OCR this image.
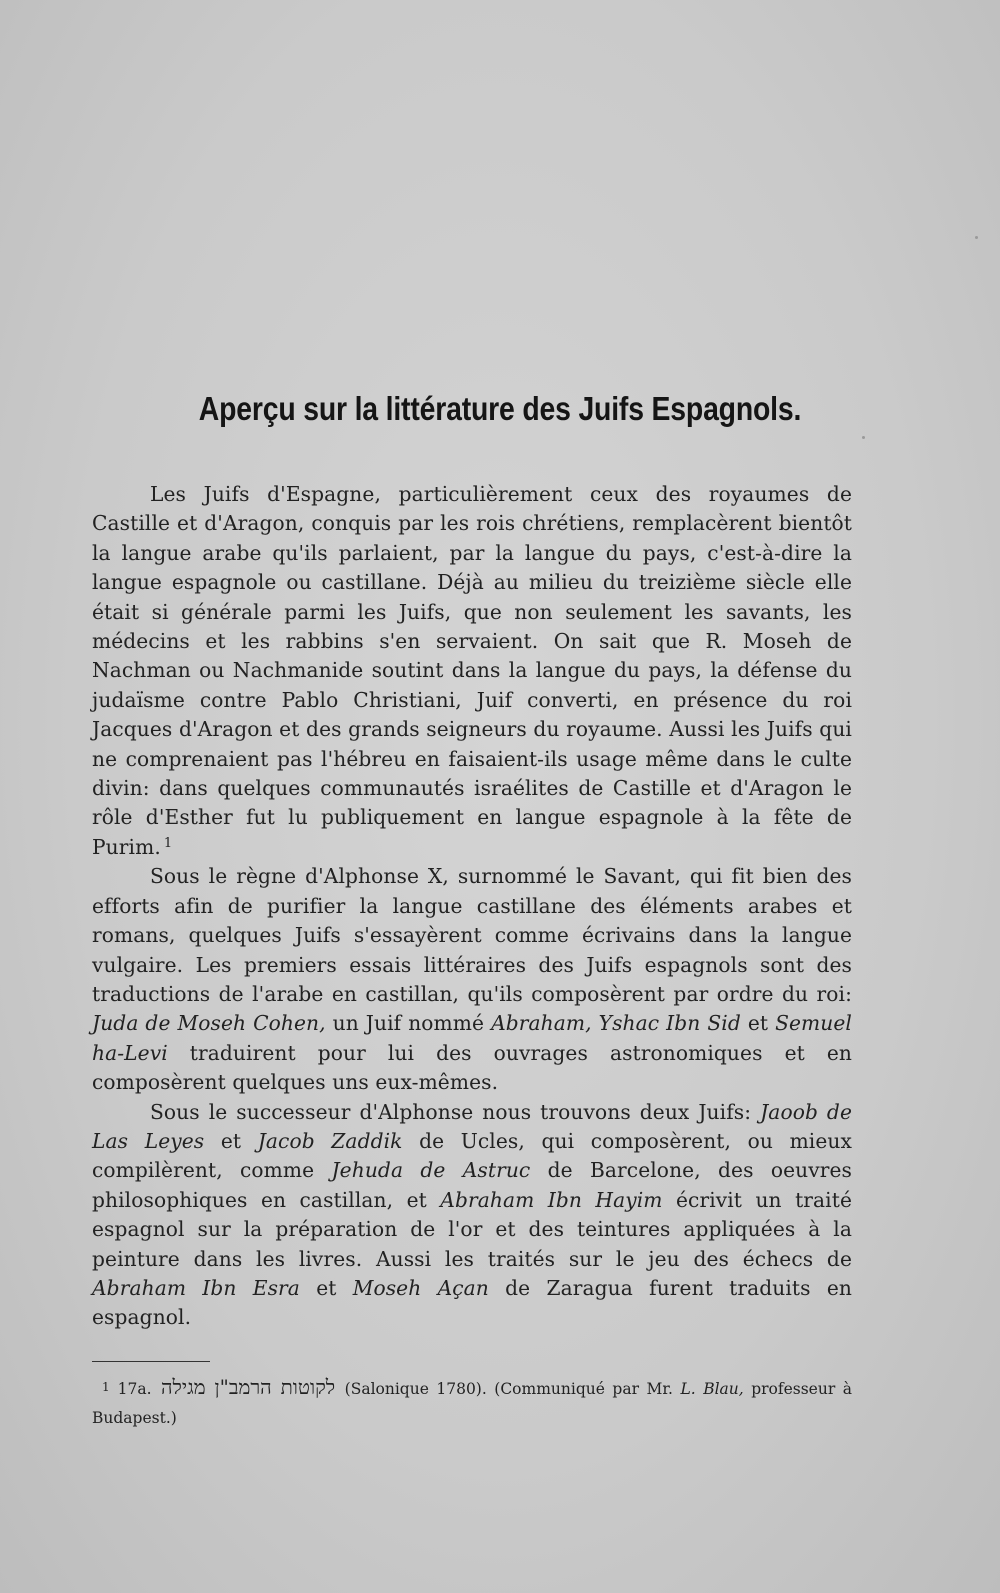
Aperçu sur la littérature des Juifs Espagnols.

Les Juifs d'Espagne, particulièrement ceux des royaumes de Castille et d'Aragon, conquis par les rois chrétiens, remplacèrent bientôt la langue arabe qu'ils parlaient, par la langue du pays, c'est-à-dire la langue espagnole ou castillane. Déjà au milieu du treizième siècle elle était si générale parmi les Juifs, que non seulement les savants, les médecins et les rabbins s'en servaient. On sait que R. Moseh de Nachman ou Nachmanide soutint dans la langue du pays, la défense du judaïsme contre Pablo Christiani, Juif converti, en présence du roi Jacques d'Aragon et des grands seigneurs du royaume. Aussi les Juifs qui ne comprenaient pas l'hébreu en faisaient-ils usage même dans le culte divin: dans quelques communautés israélites de Castille et d'Aragon le rôle d'Esther fut lu publiquement en langue espagnole à la fête de Purim. $^1$

Sous le règne d'Alphonse X, surnommé le Savant, qui fit bien des efforts afin de purifier la langue castillane des éléments arabes et romans, quelques Juifs s'essayèrent comme écrivains dans la langue vulgaire. Les premiers essais littéraires des Juifs espagnols sont des traductions de l'arabe en castillan, qu'ils composèrent par ordre du roi: Juda de Moseh Cohen, un Juif nommé Abraham, Yshac Ibn Sid et Semuel ha-Levi traduirent pour lui des ouvrages astronomiques et en composèrent quelques uns eux-mêmes.

Sous le successeur d'Alphonse nous trouvons deux Juifs: Jaoob de Las Leyes et Jacob Zaddik de Ucles, qui composèrent, ou mieux compilèrent, comme Jehuda de Astruc de Barcelone, des oeuvres philosophiques en castillan, et Abraham Ibn Hayim écrivit un traité espagnol sur la préparation de l'or et des teintures appliquées à la peinture dans les livres. Aussi les traités sur le jeu des échecs de Abraham Ibn Esra et Moseh Açan de Zaragua furent traduits en espagnol.

1 17a. לקוטות הרמב"ן מגילה (Salonique 1780). (Communiqué par Mr. L. Blau, professeur à Budapest.)
